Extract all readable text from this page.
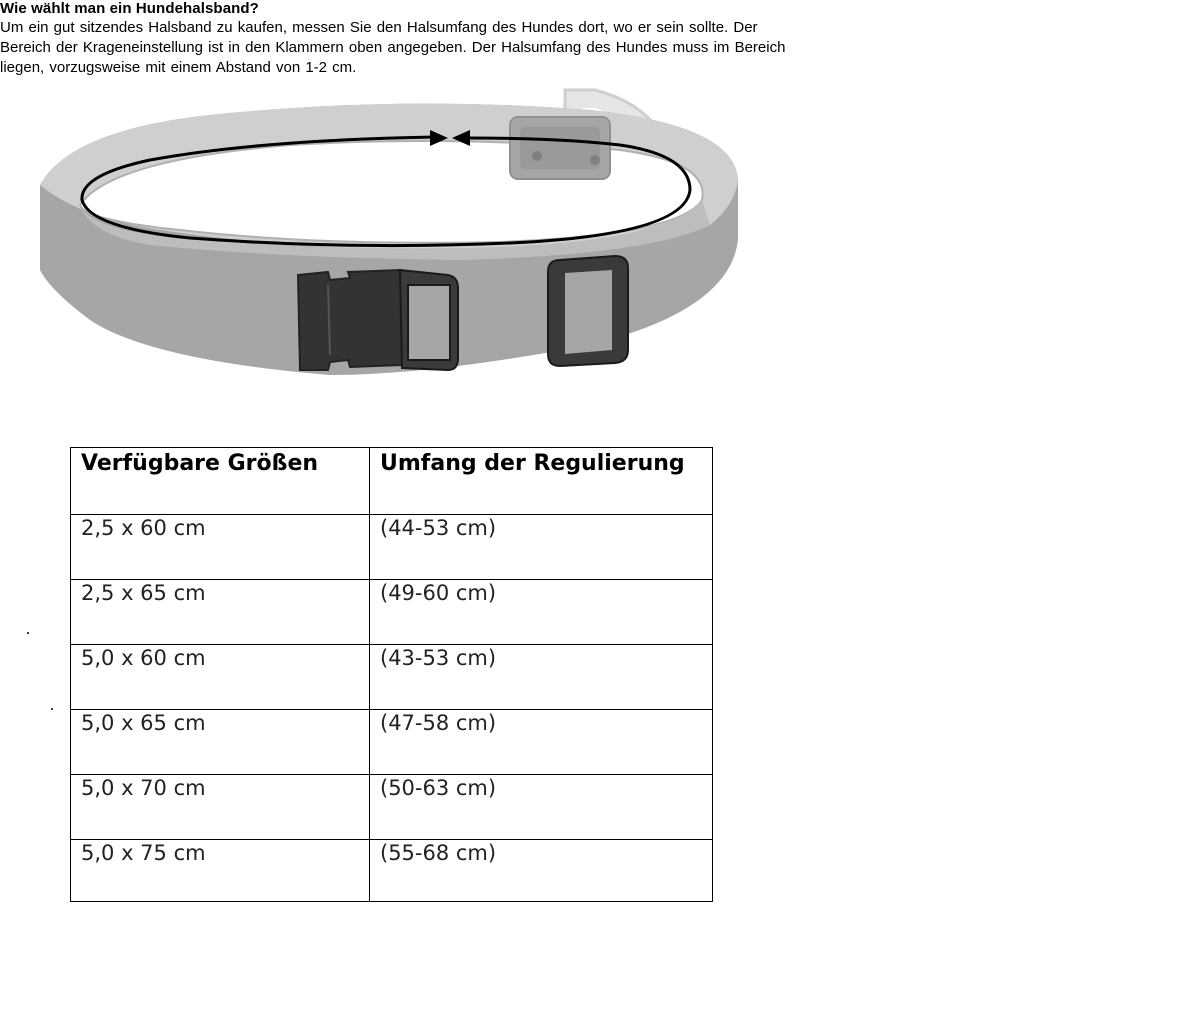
Wie wählt man ein Hundehalsband?

Um ein gut sitzendes Halsband zu kaufen, messen Sie den Halsumfang des Hundes dort, wo er sein sollte. Der

Bereich der Krageneinstellung ist in den Klammern oben angegeben. Der Halsumfang des Hundes muss im Bereich

liegen, vorzugsweise mit einem Abstand von 1-2 cm.

Verfügbare Größen	Umfang der Regulierung
2,5 x 60 cm	(44-53 cm)
2,5 x 65 cm	(49-60 cm)
5,0 x 60 cm	(43-53 cm)
5,0 x 65 cm	(47-58 cm)
5,0 x 70 cm	(50-63 cm)
5,0 x 75 cm	(55-68 cm)
